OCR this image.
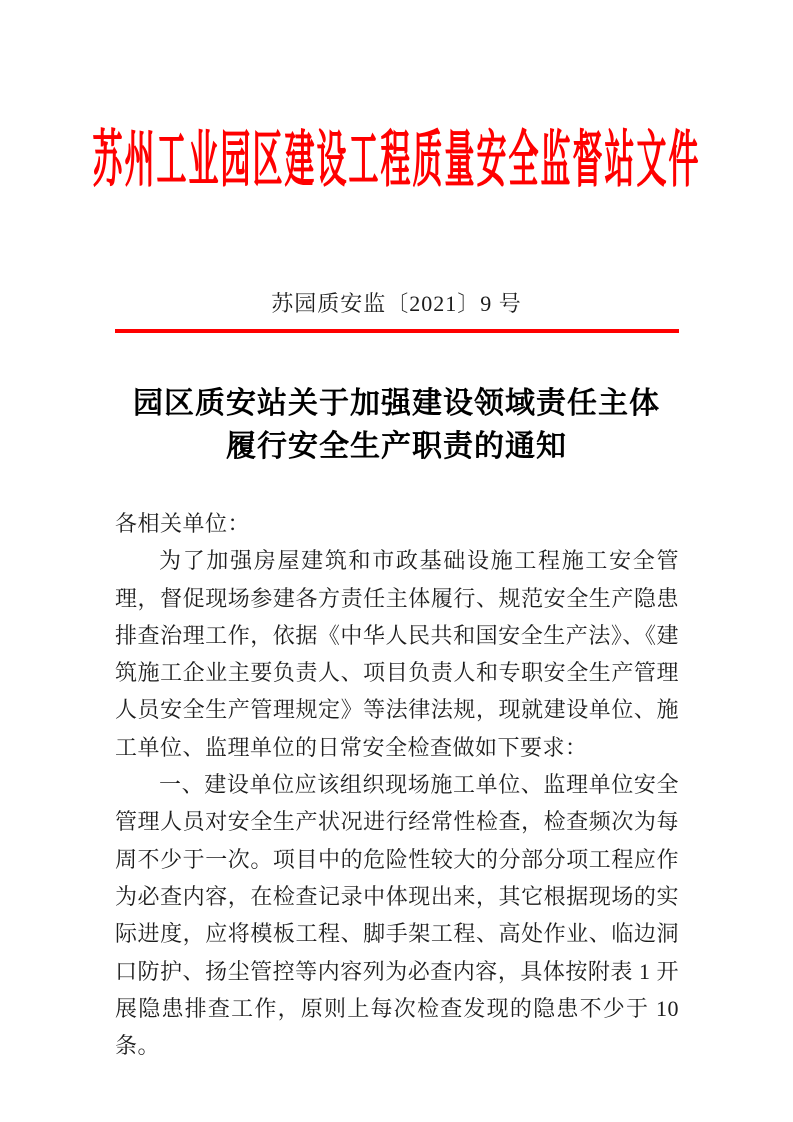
苏州工业园区建设工程质量安全监督站文件
苏园质安监〔2021〕9 号
园区质安站关于加强建设领域责任主体
履行安全生产职责的通知

各相关单位：

为了加强房屋建筑和市政基础设施工程施工安全管理，督促现场参建各方责任主体履行、规范安全生产隐患排查治理工作，依据《中华人民共和国安全生产法》、《建筑施工企业主要负责人、项目负责人和专职安全生产管理人员安全生产管理规定》等法律法规，现就建设单位、施工单位、监理单位的日常安全检查做如下要求：

一、建设单位应该组织现场施工单位、监理单位安全管理人员对安全生产状况进行经常性检查，检查频次为每周不少于一次。项目中的危险性较大的分部分项工程应作为必查内容，在检查记录中体现出来，其它根据现场的实际进度，应将模板工程、脚手架工程、高处作业、临边洞口防护、扬尘管控等内容列为必查内容，具体按附表 1 开展隐患排查工作，原则上每次检查发现的隐患不少于 10 条。
